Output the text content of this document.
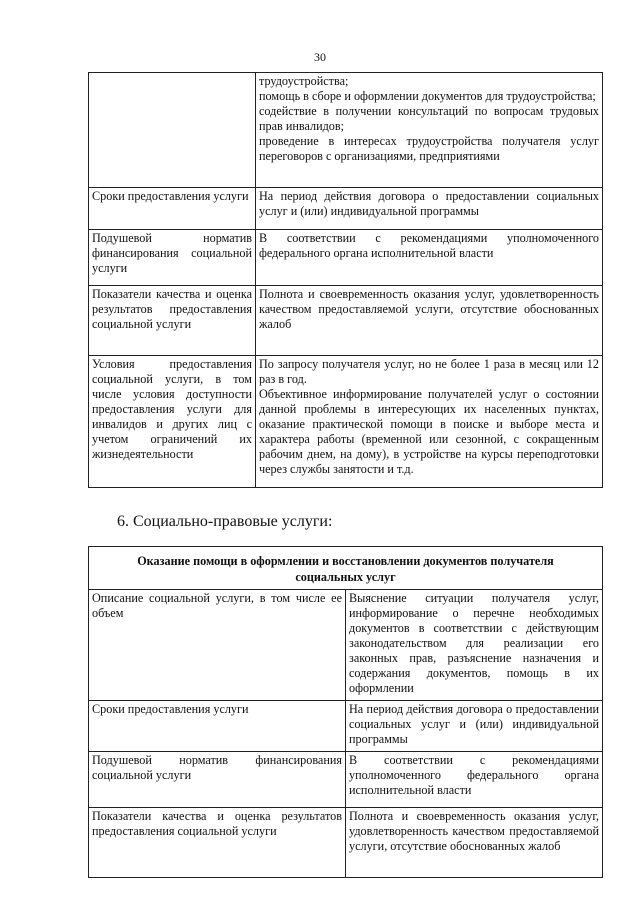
30

	трудоустройства;
помощь в сборе и оформлении документов для трудоустройства;
содействие в получении консультаций по вопросам трудовых прав инвалидов;
проведение в интересах трудоустройства получателя услуг переговоров с организациями, предприятиями

Сроки предоставления услуги	На период действия договора о предоставлении социальных услуг и (или) индивидуальной программы

Подушевой норматив финансирования социальной услуги	В соответствии с рекомендациями уполномоченного федерального органа исполнительной власти

Показатели качества и оценка результатов предоставления социальной услуги	Полнота и своевременность оказания услуг, удовлетворенность качеством предоставляемой услуги, отсутствие обоснованных жалоб

Условия предоставления социальной услуги, в том числе условия доступности предоставления услуги для инвалидов и других лиц с учетом ограничений их жизнедеятельности	По запросу получателя услуг, но не более 1 раза в месяц или 12 раз в год.
Объективное информирование получателей услуг о состоянии данной проблемы в интересующих их населенных пунктах, оказание практической помощи в поиске и выборе места и характера работы (временной или сезонной, с сокращенным рабочим днем, на дому), в устройстве на курсы переподготовки через службы занятости и т.д.
6. Социально-правовые услуги:
Оказание помощи в оформлении и восстановлении документов получателя социальных услуг	
Описание социальной услуги, в том числе ее объем	Выяснение ситуации получателя услуг, информирование о перечне необходимых документов в соответствии с действующим законодательством для реализации его законных прав, разъяснение назначения и содержания документов, помощь в их оформлении

Сроки предоставления услуги	На период действия договора о предоставлении социальных услуг и (или) индивидуальной программы

Подушевой норматив финансирования социальной услуги	В соответствии с рекомендациями уполномоченного федерального органа исполнительной власти

Показатели качества и оценка результатов предоставления социальной услуги	Полнота и своевременность оказания услуг, удовлетворенность качеством предоставляемой услуги, отсутствие обоснованных жалоб
